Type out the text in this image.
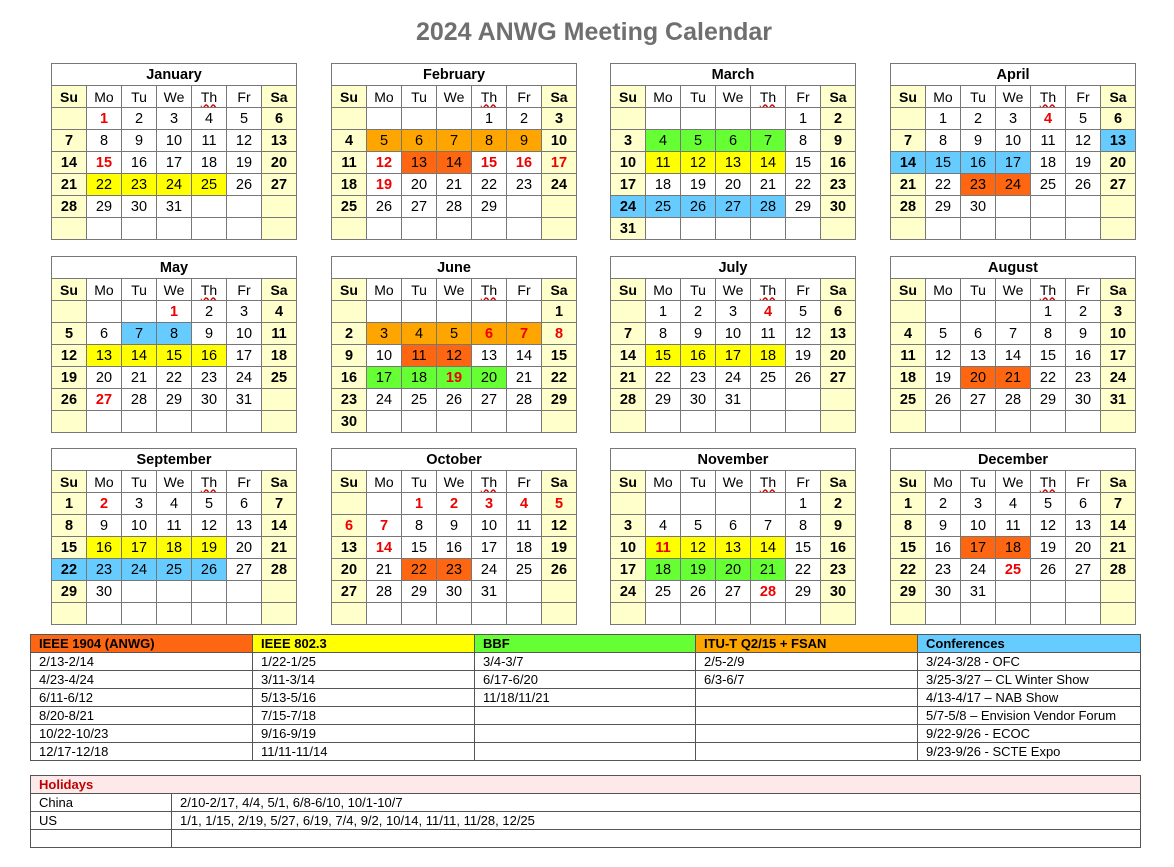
2024 ANWG Meeting Calendar
January						
Su	Mo	Tu	We	Th	Fr	Sa
	1	2	3	4	5	6
7	8	9	10	11	12	13
14	15	16	17	18	19	20
21	22	23	24	25	26	27
28	29	30	31			

February						
Su	Mo	Tu	We	Th	Fr	Sa
				1	2	3
4	5	6	7	8	9	10
11	12	13	14	15	16	17
18	19	20	21	22	23	24
25	26	27	28	29		

March						
Su	Mo	Tu	We	Th	Fr	Sa
					1	2
3	4	5	6	7	8	9
10	11	12	13	14	15	16
17	18	19	20	21	22	23
24	25	26	27	28	29	30
31						
April						
Su	Mo	Tu	We	Th	Fr	Sa
	1	2	3	4	5	6
7	8	9	10	11	12	13
14	15	16	17	18	19	20
21	22	23	24	25	26	27
28	29	30				

May						
Su	Mo	Tu	We	Th	Fr	Sa
			1	2	3	4
5	6	7	8	9	10	11
12	13	14	15	16	17	18
19	20	21	22	23	24	25
26	27	28	29	30	31	

June						
Su	Mo	Tu	We	Th	Fr	Sa
						1
2	3	4	5	6	7	8
9	10	11	12	13	14	15
16	17	18	19	20	21	22
23	24	25	26	27	28	29
30						
July						
Su	Mo	Tu	We	Th	Fr	Sa
	1	2	3	4	5	6
7	8	9	10	11	12	13
14	15	16	17	18	19	20
21	22	23	24	25	26	27
28	29	30	31			

August						
Su	Mo	Tu	We	Th	Fr	Sa
				1	2	3
4	5	6	7	8	9	10
11	12	13	14	15	16	17
18	19	20	21	22	23	24
25	26	27	28	29	30	31

September						
Su	Mo	Tu	We	Th	Fr	Sa
1	2	3	4	5	6	7
8	9	10	11	12	13	14
15	16	17	18	19	20	21
22	23	24	25	26	27	28
29	30					

October						
Su	Mo	Tu	We	Th	Fr	Sa
		1	2	3	4	5
6	7	8	9	10	11	12
13	14	15	16	17	18	19
20	21	22	23	24	25	26
27	28	29	30	31		

November						
Su	Mo	Tu	We	Th	Fr	Sa
					1	2
3	4	5	6	7	8	9
10	11	12	13	14	15	16
17	18	19	20	21	22	23
24	25	26	27	28	29	30

December						
Su	Mo	Tu	We	Th	Fr	Sa
1	2	3	4	5	6	7
8	9	10	11	12	13	14
15	16	17	18	19	20	21
22	23	24	25	26	27	28
29	30	31				

IEEE 1904 (ANWG)	IEEE 802.3	BBF	ITU-T Q2/15 + FSAN	Conferences
2/13-2/14	1/22-1/25	3/4-3/7	2/5-2/9	3/24-3/28 - OFC
4/23-4/24	3/11-3/14	6/17-6/20	6/3-6/7	3/25-3/27 – CL Winter Show
6/11-6/12	5/13-5/16	11/18/11/21		4/13-4/17 – NAB Show
8/20-8/21	7/15-7/18			5/7-5/8 – Envision Vendor Forum
10/22-10/23	9/16-9/19			9/22-9/26 - ECOC
12/17-12/18	11/11-11/14			9/23-9/26 - SCTE Expo
Holidays	
China	2/10-2/17, 4/4, 5/1, 6/8-6/10, 10/1-10/7
US	1/1, 1/15, 2/19, 5/27, 6/19, 7/4, 9/2, 10/14, 11/11, 11/28, 12/25
